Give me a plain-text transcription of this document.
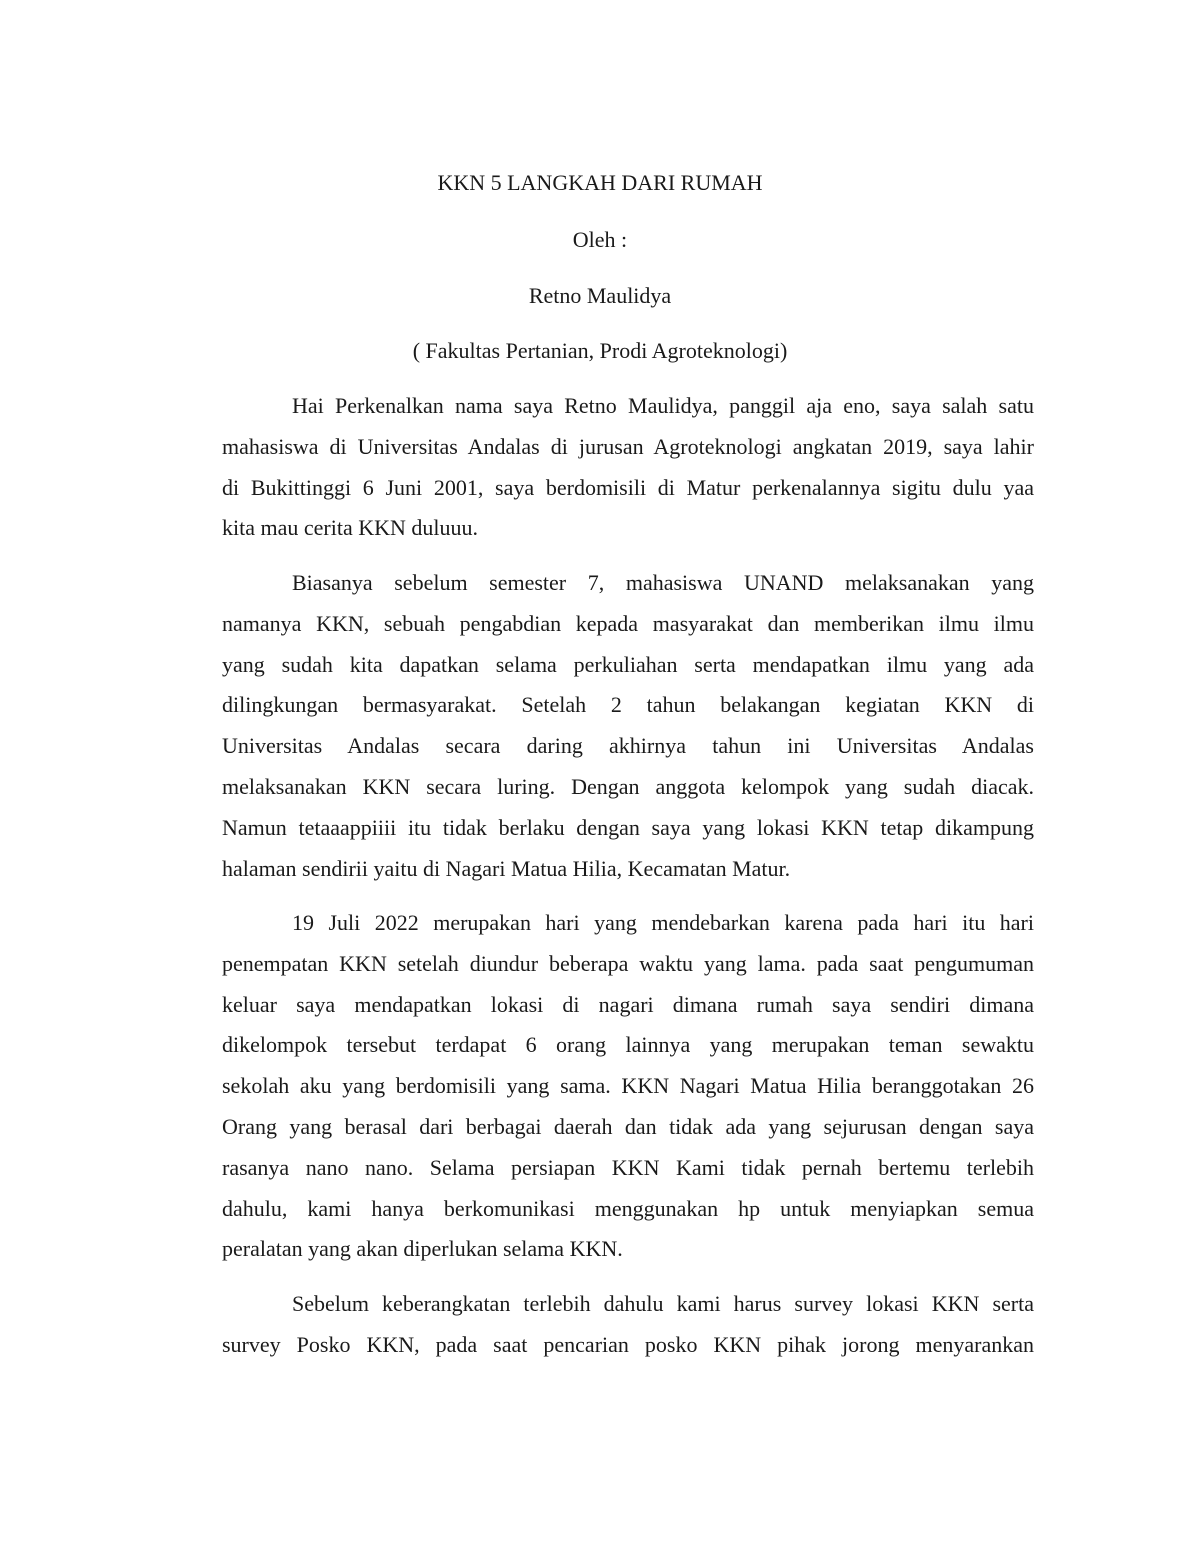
KKN 5 LANGKAH DARI RUMAH
Oleh :
Retno Maulidya
( Fakultas Pertanian, Prodi Agroteknologi)
Hai Perkenalkan nama saya Retno Maulidya, panggil aja eno, saya salah satu
mahasiswa di Universitas Andalas di jurusan Agroteknologi angkatan 2019, saya lahir
di Bukittinggi 6 Juni 2001, saya berdomisili di Matur perkenalannya sigitu dulu yaa
kita mau cerita KKN duluuu.
Biasanya sebelum semester 7, mahasiswa UNAND melaksanakan yang
namanya KKN, sebuah pengabdian kepada masyarakat dan memberikan ilmu ilmu
yang sudah kita dapatkan selama perkuliahan serta mendapatkan ilmu yang ada
dilingkungan bermasyarakat. Setelah 2 tahun belakangan kegiatan KKN di
Universitas Andalas secara daring akhirnya tahun ini Universitas Andalas
melaksanakan KKN secara luring. Dengan anggota kelompok yang sudah diacak.
Namun tetaaappiiii itu tidak berlaku dengan saya yang lokasi KKN tetap dikampung
halaman sendirii yaitu di Nagari Matua Hilia, Kecamatan Matur.
19 Juli 2022 merupakan hari yang mendebarkan karena pada hari itu hari
penempatan KKN setelah diundur beberapa waktu yang lama. pada saat pengumuman
keluar saya mendapatkan lokasi di nagari dimana rumah saya sendiri dimana
dikelompok tersebut terdapat 6 orang lainnya yang merupakan teman sewaktu
sekolah aku yang berdomisili yang sama. KKN Nagari Matua Hilia beranggotakan 26
Orang yang berasal dari berbagai daerah dan tidak ada yang sejurusan dengan saya
rasanya nano nano. Selama persiapan KKN Kami tidak pernah bertemu terlebih
dahulu, kami hanya berkomunikasi menggunakan hp untuk menyiapkan semua
peralatan yang akan diperlukan selama KKN.
Sebelum keberangkatan terlebih dahulu kami harus survey lokasi KKN serta
survey Posko KKN, pada saat pencarian posko KKN pihak jorong menyarankan
